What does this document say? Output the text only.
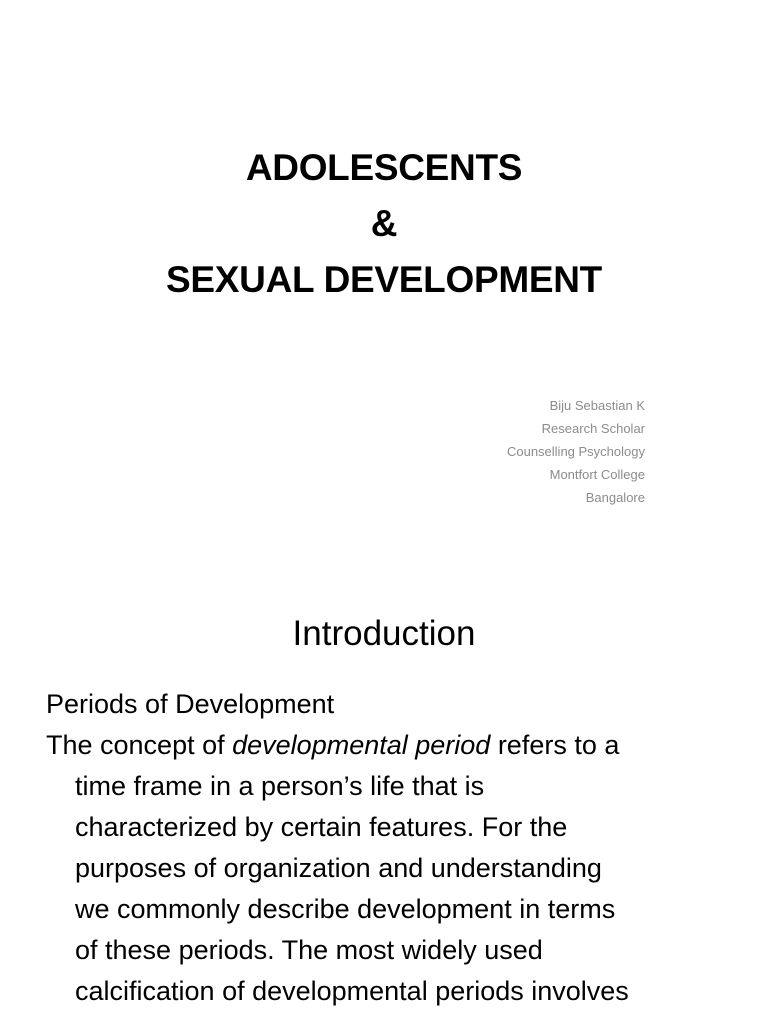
ADOLESCENTS
&
SEXUAL DEVELOPMENT
Biju Sebastian K
Research Scholar
Counselling Psychology
Montfort College
Bangalore
Introduction
Periods of Development
The concept of developmental period refers to a
time frame in a person’s life that is
characterized by certain features. For the
purposes of organization and understanding
we commonly describe development in terms
of these periods. The most widely used
calcification of developmental periods involves
